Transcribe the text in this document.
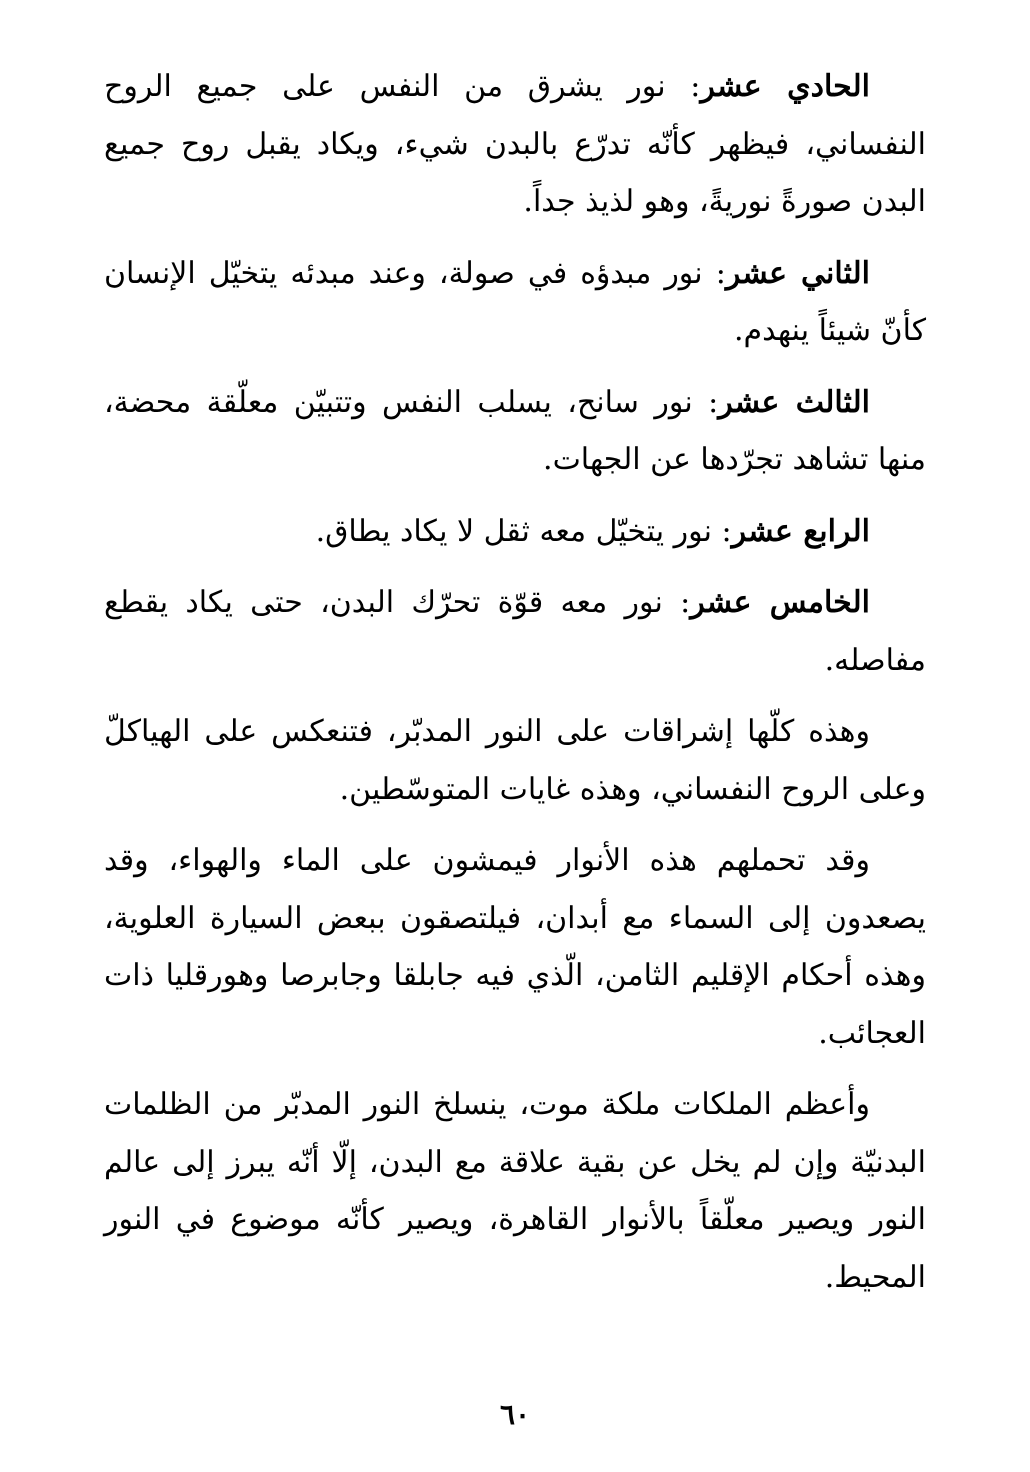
الحادي عشر: نور يشرق من النفس على جميع الروح النفساني، فيظهر كأنّه تدرّع بالبدن شيء، ويكاد يقبل روح جميع البدن صورةً نوريةً، وهو لذيذ جداً.

الثاني عشر: نور مبدؤه في صولة، وعند مبدئه يتخيّل الإنسان كأنّ شيئاً ينهدم.

الثالث عشر: نور سانح، يسلب النفس وتتبيّن معلّقة محضة، منها تشاهد تجرّدها عن الجهات.

الرابع عشر: نور يتخيّل معه ثقل لا يكاد يطاق.

الخامس عشر: نور معه قوّة تحرّك البدن، حتى يكاد يقطع مفاصله.

وهذه كلّها إشراقات على النور المدبّر، فتنعكس على الهياكلّ وعلى الروح النفساني، وهذه غايات المتوسّطين.

وقد تحملهم هذه الأنوار فيمشون على الماء والهواء، وقد يصعدون إلى السماء مع أبدان، فيلتصقون ببعض السيارة العلوية، وهذه أحكام الإقليم الثامن، الّذي فيه جابلقا وجابرصا وهورقليا ذات العجائب.

وأعظم الملكات ملكة موت، ينسلخ النور المدبّر من الظلمات البدنيّة وإن لم يخل عن بقية علاقة مع البدن، إلّا أنّه يبرز إلى عالم النور ويصير معلّقاً بالأنوار القاهرة، ويصير كأنّه موضوع في النور المحيط.

٦٠
